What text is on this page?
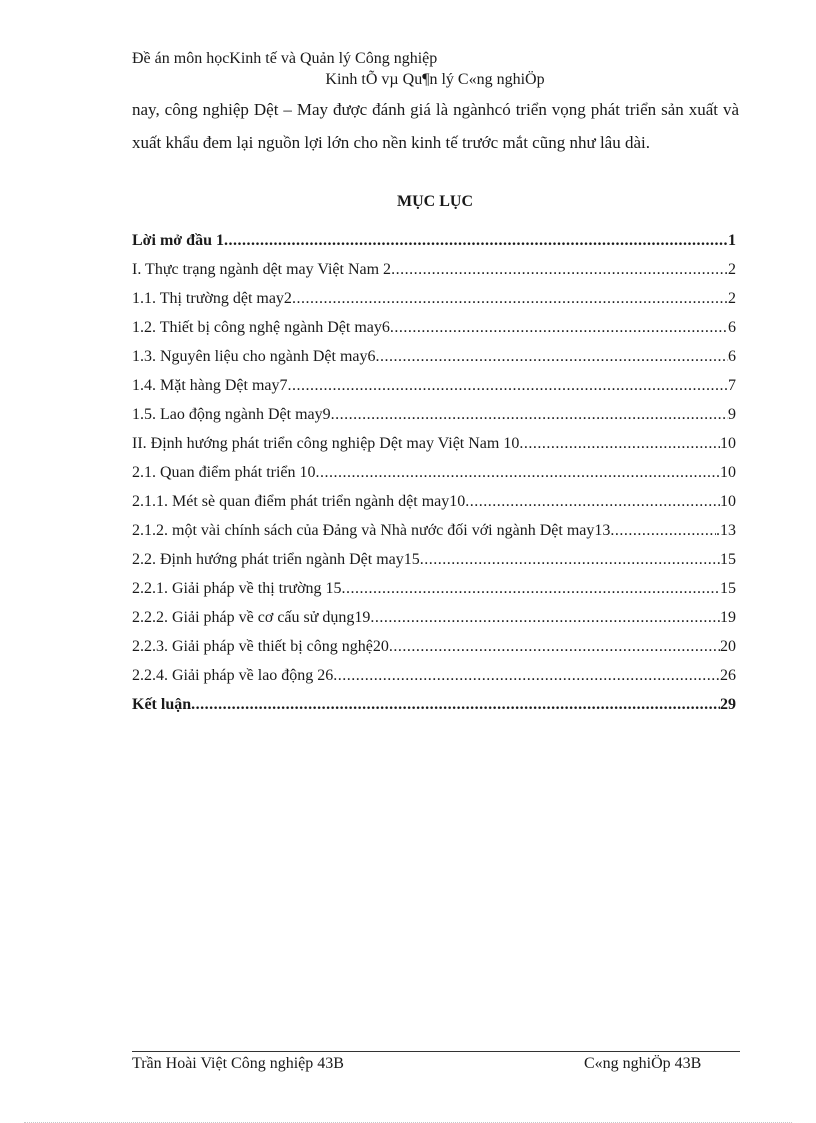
Đề án môn họcKinh tế và Quản lý Công nghiệp
Kinh tÕ vµ Qu¶n lý C«ng nghiÖp
nay, công nghiệp Dệt – May được đánh giá là ngànhcó triển vọng phát triển sản xuất và xuất khẩu đem lại nguồn lợi lớn cho nền kinh tế trước mắt cũng như lâu dài.
MỤC LỤC
Lời mở đầu 1 .....	1
I. Thực trạng ngành dệt may Việt Nam 2 .....	2
1.1. Thị trường dệt may2 .....	2
1.2. Thiết bị công nghệ ngành Dệt may6 .....	6
1.3. Nguyên liệu cho ngành Dệt may6 .....	6
1.4. Mặt hàng Dệt may7 .....	7
1.5. Lao động ngành Dệt may9 .....	9
II. Định hướng phát triển công nghiệp Dệt may Việt Nam 10 .....	10
2.1. Quan điểm phát triển 10 .....	10
2.1.1. Mét sè quan điểm phát triển ngành dệt may10 .....	10
2.1.2. một vài chính sách của Đảng và Nhà nước đối với ngành Dệt may13 .....	.13
2.2. Định hướng phát triển ngành Dệt may15 .....	15
2.2.1. Giải pháp về thị trường 15 .....	15
2.2.2. Giải pháp về cơ cấu sử dụng19 .....	19
2.2.3. Giải pháp về thiết bị công nghệ20 .....	20
2.2.4. Giải pháp về lao động 26 .....	26
Kết luận .....	29
Trần Hoài Việt Công nghiệp 43B	C«ng nghiÖp 43B
